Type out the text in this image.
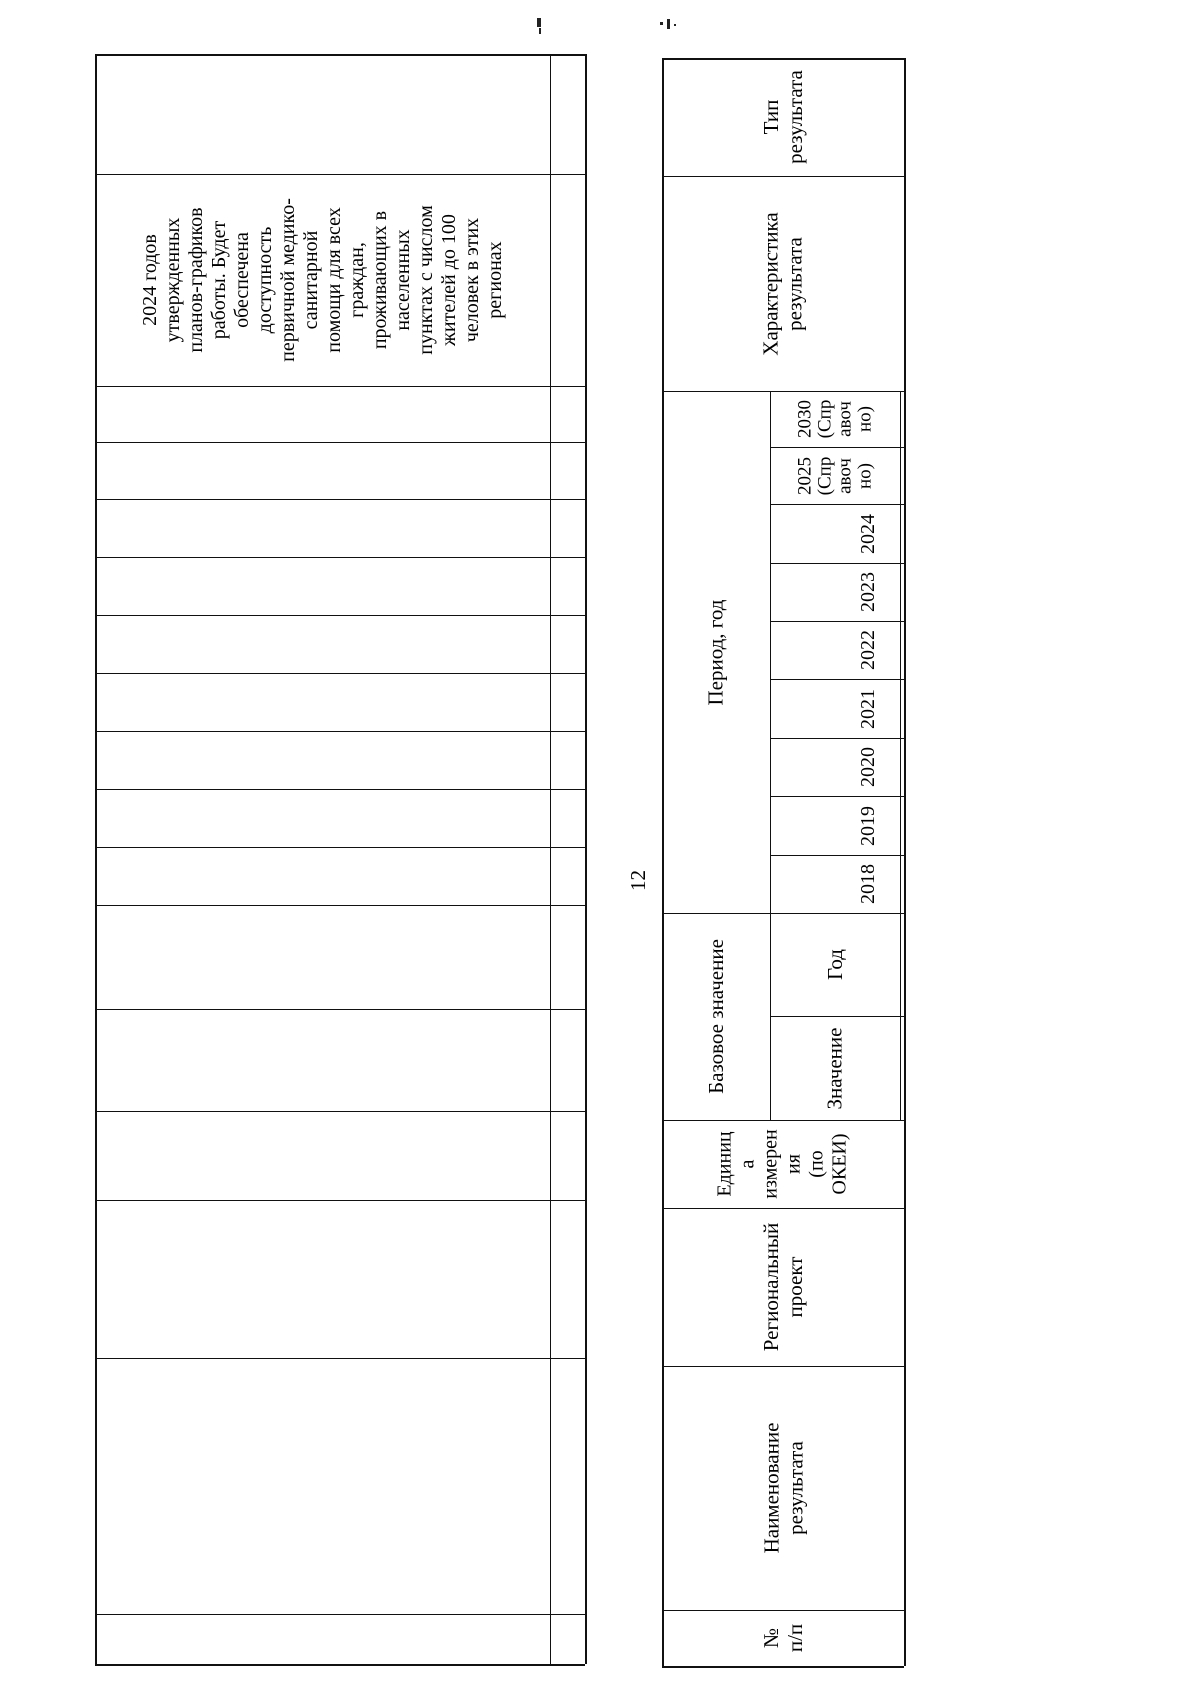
2024 годов утвержденных планов-графиков работы. Будет обеспечена доступность первичной медико- санитарной помощи для всех граждан, проживающих в населенных пунктах с числом жителей до 100 человек в этих регионах
12
Тип результата
Характеристика результата
Период, год
2030 (Спр авоч но)
2025 (Спр авоч но)
2024
2023
2022
2021
2020
2019
2018
Базовое значение	Год
Значение
Единиц а измерен ия (по ОКЕИ)
Региональный проект
Наименование результата
№ п/п
